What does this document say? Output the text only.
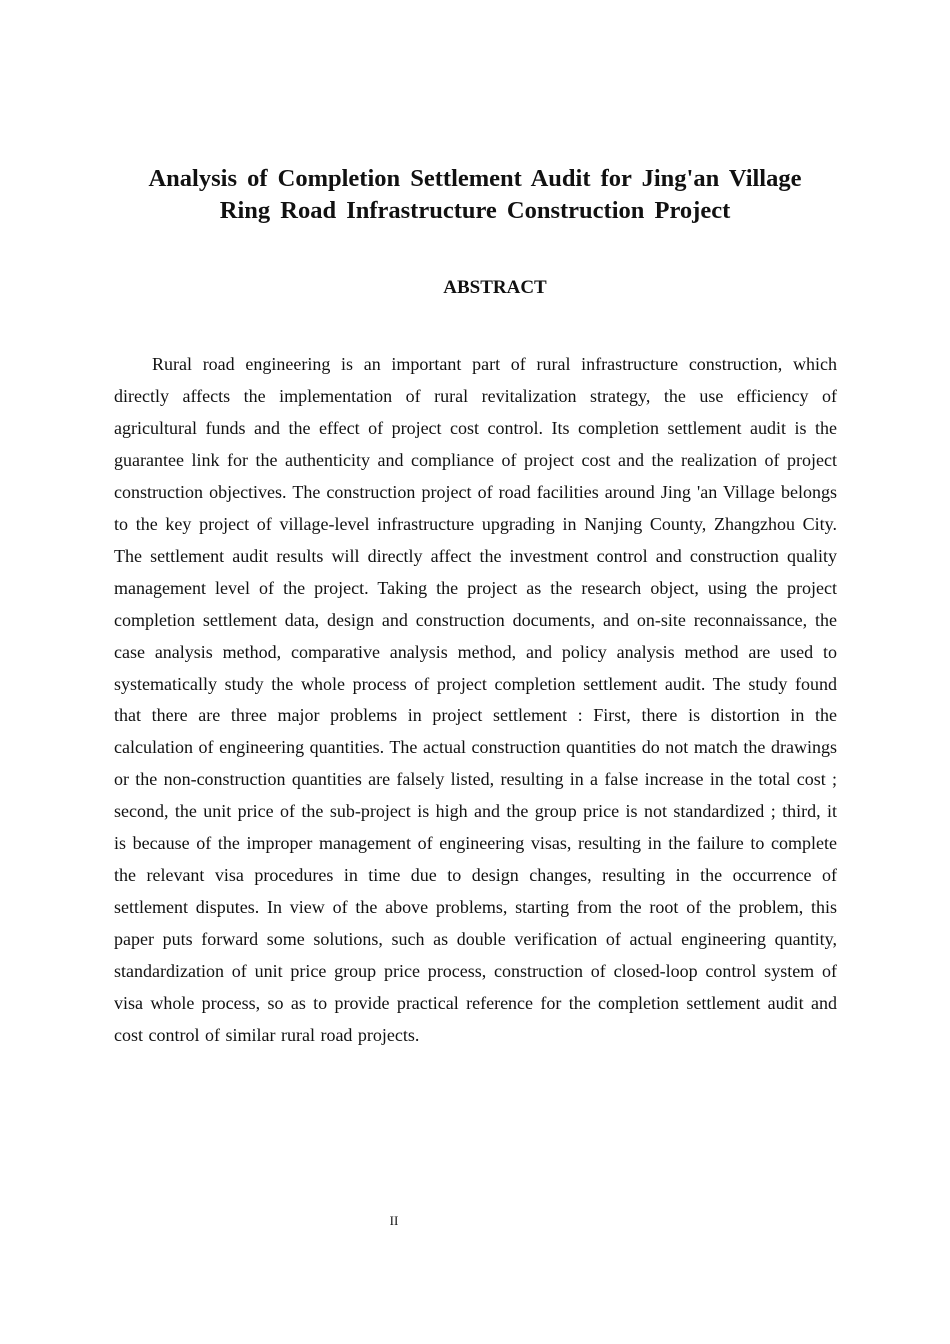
Analysis of Completion Settlement Audit for Jing'an Village
Ring Road Infrastructure Construction Project
ABSTRACT

Rural road engineering is an important part of rural infrastructure construction, which directly affects the implementation of rural revitalization strategy, the use efficiency of agricultural funds and the effect of project cost control. Its completion settlement audit is the guarantee link for the authenticity and compliance of project cost and the realization of project construction objectives. The construction project of road facilities around Jing 'an Village belongs to the key project of village-level infrastructure upgrading in Nanjing County, Zhangzhou City. The settlement audit results will directly affect the investment control and construction quality management level of the project. Taking the project as the research object, using the project completion settlement data, design and construction documents, and on-site reconnaissance, the case analysis method, comparative analysis method, and policy analysis method are used to systematically study the whole process of project completion settlement audit. The study found that there are three major problems in project settlement : First, there is distortion in the calculation of engineering quantities. The actual construction quantities do not match the drawings or the non-construction quantities are falsely listed, resulting in a false increase in the total cost ; second, the unit price of the sub-project is high and the group price is not standardized ; third, it is because of the improper management of engineering visas, resulting in the failure to complete the relevant visa procedures in time due to design changes, resulting in the occurrence of settlement disputes. In view of the above problems, starting from the root of the problem, this paper puts forward some solutions, such as double verification of actual engineering quantity, standardization of unit price group price process, construction of closed-loop control system of visa whole process, so as to provide practical reference for the completion settlement audit and cost control of similar rural road projects.

II
